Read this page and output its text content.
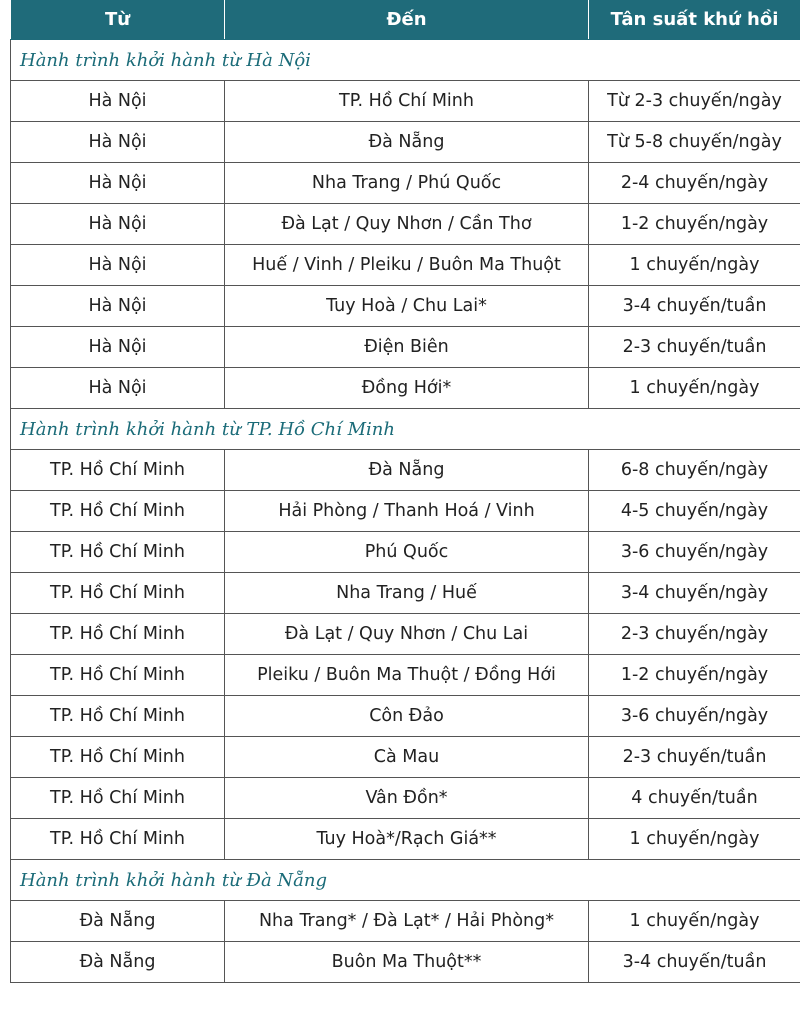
Từ	Đến	Tân suất khứ hồi
Hành trình khởi hành từ Hà Nội		
Hà Nội	TP. Hồ Chí Minh	Từ 2-3 chuyến/ngày
Hà Nội	Đà Nẵng	Từ 5-8 chuyến/ngày
Hà Nội	Nha Trang / Phú Quốc	2-4 chuyến/ngày
Hà Nội	Đà Lạt / Quy Nhơn / Cần Thơ	1-2 chuyến/ngày
Hà Nội	Huế / Vinh / Pleiku / Buôn Ma Thuột	1 chuyến/ngày
Hà Nội	Tuy Hoà / Chu Lai*	3-4 chuyến/tuần
Hà Nội	Điện Biên	2-3 chuyến/tuần
Hà Nội	Đồng Hới*	1 chuyến/ngày
Hành trình khởi hành từ TP. Hồ Chí Minh		
TP. Hồ Chí Minh	Đà Nẵng	6-8 chuyến/ngày
TP. Hồ Chí Minh	Hải Phòng / Thanh Hoá / Vinh	4-5 chuyến/ngày
TP. Hồ Chí Minh	Phú Quốc	3-6 chuyến/ngày
TP. Hồ Chí Minh	Nha Trang / Huế	3-4 chuyến/ngày
TP. Hồ Chí Minh	Đà Lạt / Quy Nhơn / Chu Lai	2-3 chuyến/ngày
TP. Hồ Chí Minh	Pleiku / Buôn Ma Thuột / Đồng Hới	1-2 chuyến/ngày
TP. Hồ Chí Minh	Côn Đảo	3-6 chuyến/ngày
TP. Hồ Chí Minh	Cà Mau	2-3 chuyến/tuần
TP. Hồ Chí Minh	Vân Đồn*	4 chuyến/tuần
TP. Hồ Chí Minh	Tuy Hoà*/Rạch Giá**	1 chuyến/ngày
Hành trình khởi hành từ Đà Nẵng		
Đà Nẵng	Nha Trang* / Đà Lạt* / Hải Phòng*	1 chuyến/ngày
Đà Nẵng	Buôn Ma Thuột**	3-4 chuyến/tuần
